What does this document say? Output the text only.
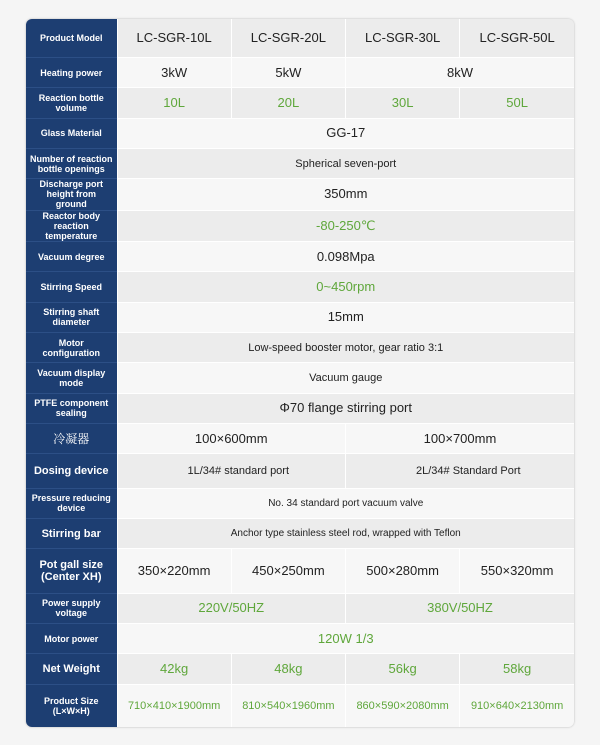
Product Model	LC-SGR-10L	LC-SGR-20L	LC-SGR-30L	LC-SGR-50L
Heating power	3kW	5kW	8kW	
Reaction bottle volume	10L	20L	30L	50L
Glass Material	GG-17			
Number of reaction bottle openings	Spherical seven-port			
Discharge port height from ground	350mm			
Reactor body reaction temperature	-80-250℃			
Vacuum degree	0.098Mpa			
Stirring Speed	0~450rpm			
Stirring shaft diameter	15mm			
Motor configuration	Low-speed booster motor, gear ratio 3:1			
Vacuum display mode	Vacuum gauge			
PTFE component sealing	Φ70 flange stirring port			
冷凝器	100×600mm		100×700mm	
Dosing device	1L/34# standard port		2L/34# Standard Port	
Pressure reducing device	No. 34 standard port vacuum valve			
Stirring bar	Anchor type stainless steel rod, wrapped with Teflon			
Pot gall size (Center XH)	350×220mm	450×250mm	500×280mm	550×320mm
Power supply voltage	220V/50HZ		380V/50HZ	
Motor power	120W 1/3			
Net Weight	42kg	48kg	56kg	58kg
Product Size (L×W×H)	710×410×1900mm	810×540×1960mm	860×590×2080mm	910×640×2130mm
